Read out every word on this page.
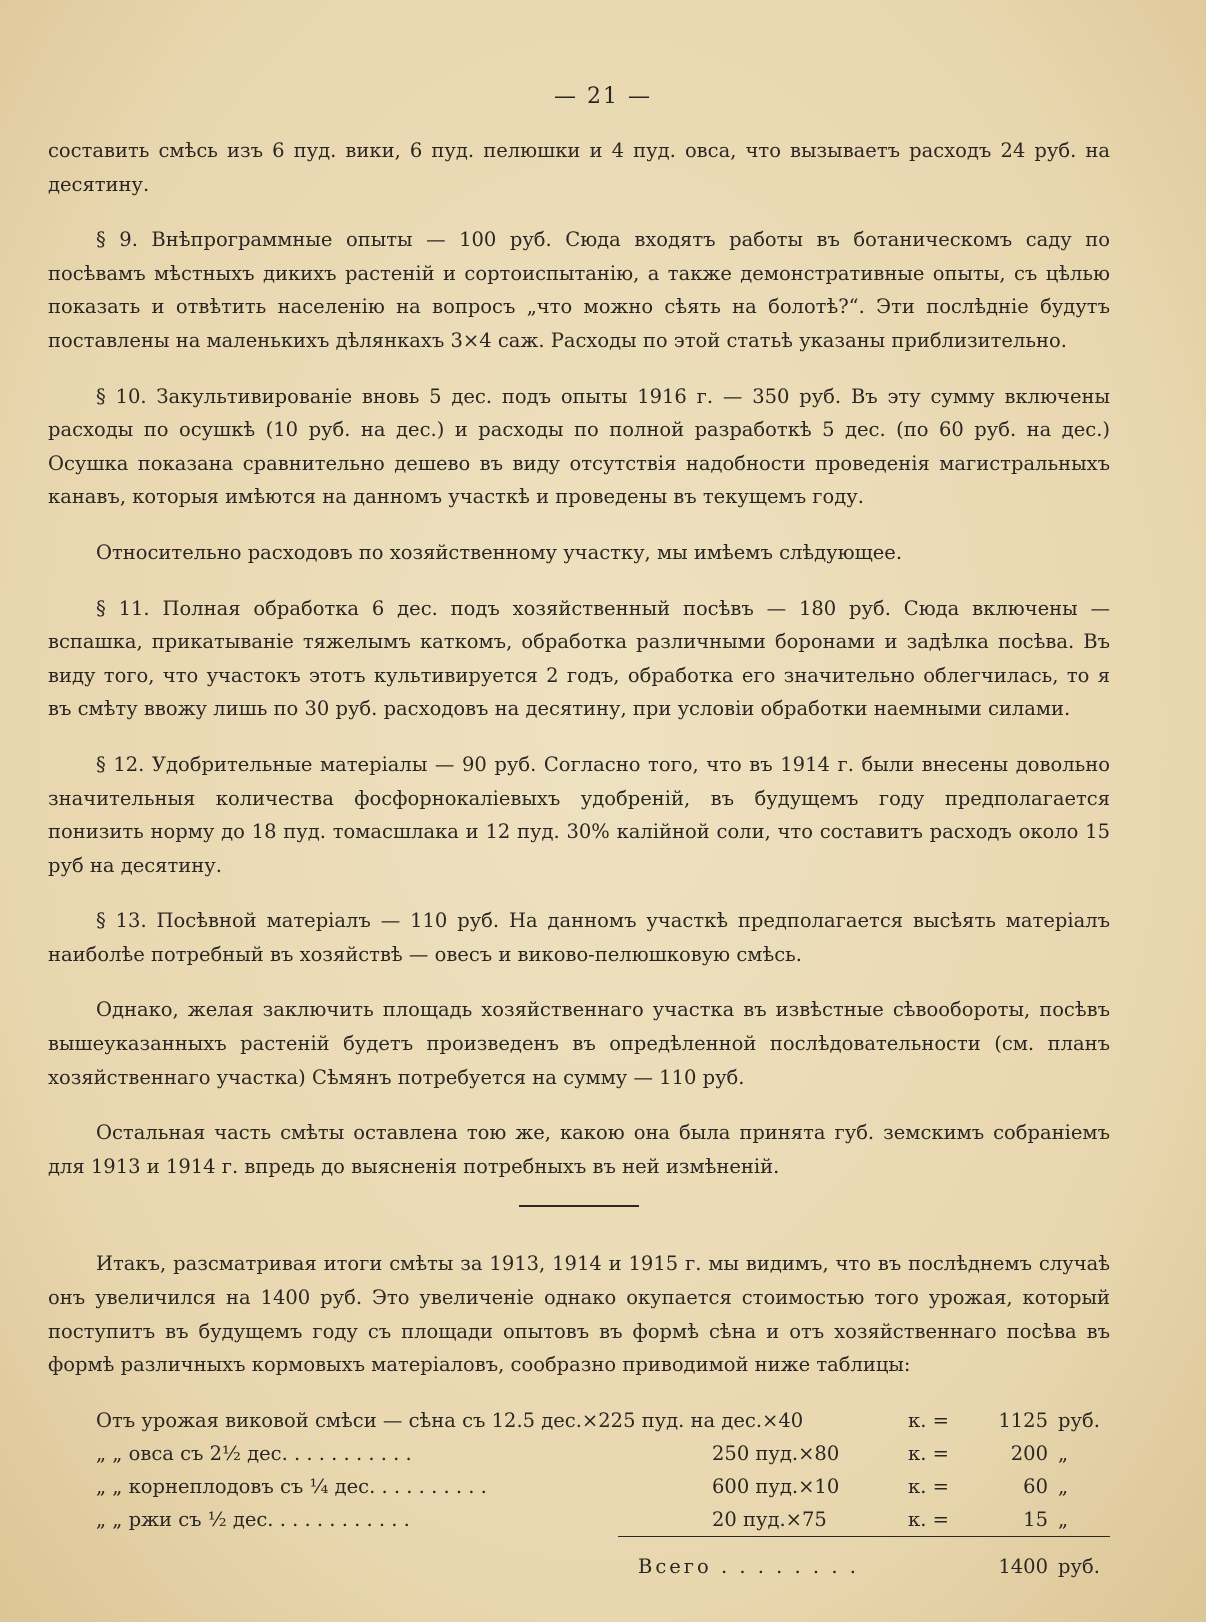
— 21 —

составить смѣсь изъ 6 пуд. вики, 6 пуд. пелюшки и 4 пуд. овса, что вызываетъ расходъ 24 руб. на десятину.

§ 9. Внѣпрограммные опыты — 100 руб. Сюда входятъ работы въ ботаническомъ саду по посѣвамъ мѣстныхъ дикихъ растеній и сортоиспытанію, а также демонстративные опыты, съ цѣлью показать и отвѣтить населенію на вопросъ „что можно сѣять на болотѣ?“. Эти послѣдніе будутъ поставлены на маленькихъ дѣлянкахъ 3×4 саж. Расходы по этой статьѣ указаны приблизительно.

§ 10. Закультивированіе вновь 5 дес. подъ опыты 1916 г. — 350 руб. Въ эту сумму включены расходы по осушкѣ (10 руб. на дес.) и расходы по полной разработкѣ 5 дес. (по 60 руб. на дес.) Осушка показана сравнительно дешево въ виду отсутствія надобности проведенія магистральныхъ канавъ, которыя имѣются на данномъ участкѣ и проведены въ текущемъ году.

Относительно расходовъ по хозяйственному участку, мы имѣемъ слѣдующее.

§ 11. Полная обработка 6 дес. подъ хозяйственный посѣвъ — 180 руб. Сюда включены — вспашка, прикатываніе тяжелымъ каткомъ, обработка различными боронами и задѣлка посѣва. Въ виду того, что участокъ этотъ культивируется 2 годъ, обработка его значительно облегчилась, то я въ смѣту ввожу лишь по 30 руб. расходовъ на десятину, при условіи обработки наемными силами.

§ 12. Удобрительные матеріалы — 90 руб. Согласно того, что въ 1914 г. были внесены довольно значительныя количества фосфорнокаліевыхъ удобреній, въ будущемъ году предполагается понизить норму до 18 пуд. томасшлака и 12 пуд. 30% калійной соли, что составитъ расходъ около 15 руб на десятину.

§ 13. Посѣвной матеріалъ — 110 руб. На данномъ участкѣ предполагается высѣять матеріалъ наиболѣе потребный въ хозяйствѣ — овесъ и виково-пелюшковую смѣсь.

Однако, желая заключить площадь хозяйственнаго участка въ извѣстные сѣвообороты, посѣвъ вышеуказанныхъ растеній будетъ произведенъ въ опредѣленной послѣдовательности (см. планъ хозяйственнаго участка) Сѣмянъ потребуется на сумму — 110 руб.

Остальная часть смѣты оставлена тою же, какою она была принята губ. земскимъ собраніемъ для 1913 и 1914 г. впредь до выясненія потребныхъ въ ней измѣненій.

Итакъ, разсматривая итоги смѣты за 1913, 1914 и 1915 г. мы видимъ, что въ послѣднемъ случаѣ онъ увеличился на 1400 руб. Это увеличеніе однако окупается стоимостью того урожая, который поступитъ въ будущемъ году съ площади опытовъ въ формѣ сѣна и отъ хозяйственнаго посѣва въ формѣ различныхъ кормовыхъ матеріаловъ, сообразно приводимой ниже таблицы:

Отъ урожая виковой смѣси — сѣна съ 12.5 дес.×225 пуд. на дес.×40	к. =	1125 руб.
„ „ овса съ 2½ дес. . . . . . . . . . .	250 пуд.×80	к. =	200 „
„ „ корнеплодовъ съ ¼ дес. . . . . . . . . .	600 пуд.×10	к. =	60 „
„ „ ржи съ ½ дес. . . . . . . . . . . .	20 пуд.×75	к. =	15 „
Всего . . . . . . . .	1400 руб.
